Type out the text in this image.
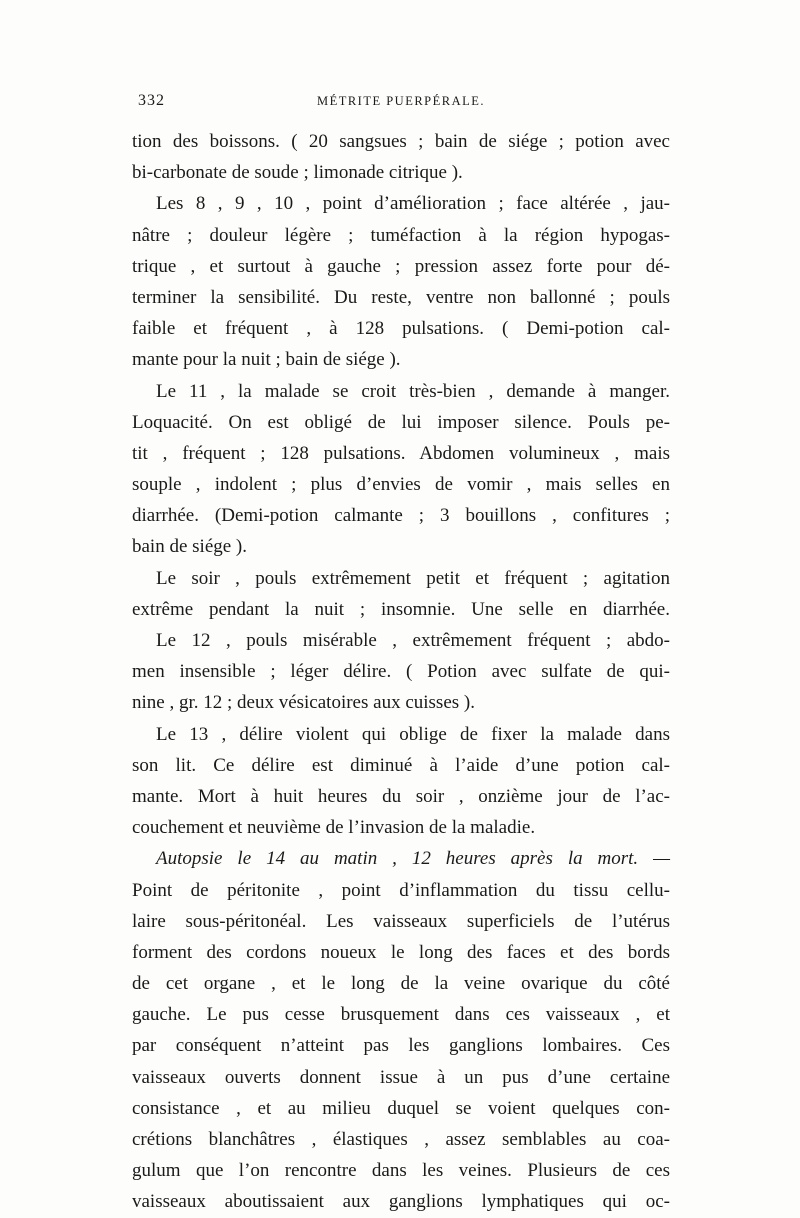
332	MÉTRITE PUERPÉRALE.
tion des boissons. ( 20 sangsues ; bain de siége ; potion avec
bi-carbonate de soude ; limonade citrique ).
Les 8 , 9 , 10 , point d’amélioration ; face altérée , jau-
nâtre ; douleur légère ; tuméfaction à la région hypogas-
trique , et surtout à gauche ; pression assez forte pour dé-
terminer la sensibilité. Du reste, ventre non ballonné ; pouls
faible et fréquent , à 128 pulsations. ( Demi-potion cal-
mante pour la nuit ; bain de siége ).
Le 11 , la malade se croit très-bien , demande à manger.
Loquacité. On est obligé de lui imposer silence. Pouls pe-
tit , fréquent ; 128 pulsations. Abdomen volumineux , mais
souple , indolent ; plus d’envies de vomir , mais selles en
diarrhée. (Demi-potion calmante ; 3 bouillons , confitures ;
bain de siége ).
Le soir , pouls extrêmement petit et fréquent ; agitation
extrême pendant la nuit ; insomnie. Une selle en diarrhée.
Le 12 , pouls misérable , extrêmement fréquent ; abdo-
men insensible ; léger délire. ( Potion avec sulfate de qui-
nine , gr. 12 ; deux vésicatoires aux cuisses ).
Le 13 , délire violent qui oblige de fixer la malade dans
son lit. Ce délire est diminué à l’aide d’une potion cal-
mante. Mort à huit heures du soir , onzième jour de l’ac-
couchement et neuvième de l’invasion de la maladie.
Autopsie le 14 au matin , 12 heures après la mort. —
Point de péritonite , point d’inflammation du tissu cellu-
laire sous-péritonéal. Les vaisseaux superficiels de l’utérus
forment des cordons noueux le long des faces et des bords
de cet organe , et le long de la veine ovarique du côté
gauche. Le pus cesse brusquement dans ces vaisseaux , et
par conséquent n’atteint pas les ganglions lombaires. Ces
vaisseaux ouverts donnent issue à un pus d’une certaine
consistance , et au milieu duquel se voient quelques con-
crétions blanchâtres , élastiques , assez semblables au coa-
gulum que l’on rencontre dans les veines. Plusieurs de ces
vaisseaux aboutissaient aux ganglions lymphatiques qui oc-
